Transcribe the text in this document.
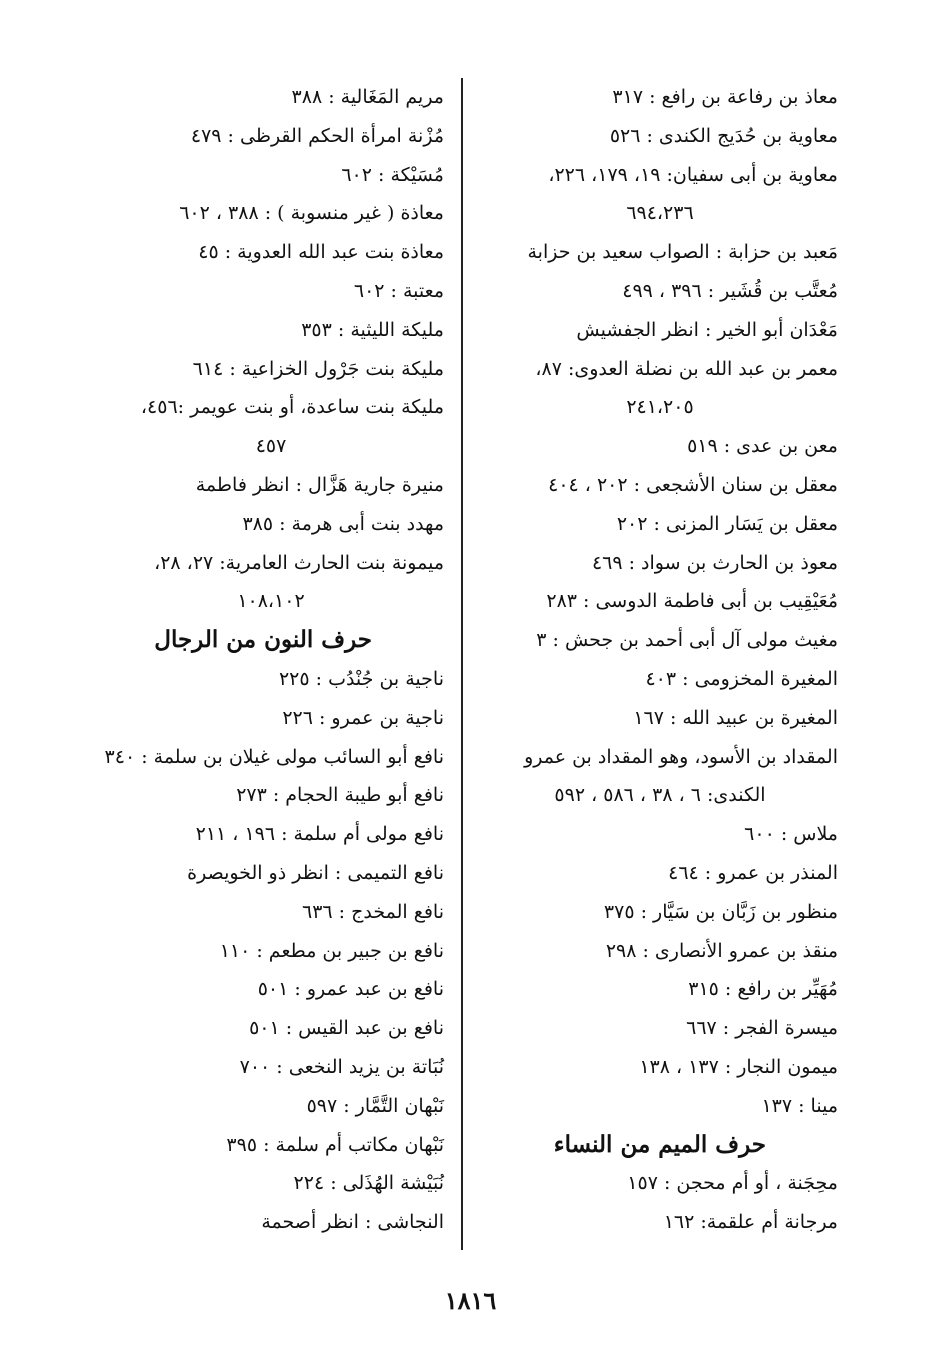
معاذ بن رفاعة بن رافع : ٣١٧
معاوية بن حُدَيج الكندى : ٥٢٦
معاوية بن أبى سفيان: ١٩، ١٧٩، ٢٢٦،
٦٩٤،٢٣٦
مَعبد بن حزابة : الصواب سعيد بن حزابة
مُعتَّب بن قُشَير : ٣٩٦ ، ٤٩٩
مَعْدَان أبو الخير : انظر الجفشيش
معمر بن عبد الله بن نضلة العدوى: ٨٧،
٢٤١،٢٠٥
معن بن عدى : ٥١٩
معقل بن سنان الأشجعى : ٢٠٢ ، ٤٠٤
معقل بن يَسَار المزنى : ٢٠٢
معوذ بن الحارث بن سواد : ٤٦٩
مُعَيْقِيب بن أبى فاطمة الدوسى : ٢٨٣
مغيث مولى آل أبى أحمد بن جحش : ٣
المغيرة المخزومى : ٤٠٣
المغيرة بن عبيد الله : ١٦٧
المقداد بن الأسود، وهو المقداد بن عمرو
الكندى: ٦ ، ٣٨ ، ٥٨٦ ، ٥٩٢
ملاس : ٦٠٠
المنذر بن عمرو : ٤٦٤
منظور بن زَبَّان بن سَيَّار : ٣٧٥
منقذ بن عمرو الأنصارى : ٢٩٨
مُهَيِّر بن رافع : ٣١٥
ميسرة الفجر : ٦٦٧
ميمون النجار : ١٣٧ ، ١٣٨
مينا : ١٣٧
حرف الميم من النساء
محِجَنة ، أو أم محجن : ١٥٧
مرجانة أم علقمة: ١٦٢
مريم المَغَالية : ٣٨٨
مُزْنة امرأة الحكم القرظى : ٤٧٩
مُسَيْكة : ٦٠٢
معاذة ( غير منسوبة ) : ٣٨٨ ، ٦٠٢
معاذة بنت عبد الله العدوية : ٤٥
معتبة : ٦٠٢
مليكة الليثية : ٣٥٣
مليكة بنت جَرْول الخزاعية : ٦١٤
مليكة بنت ساعدة، أو بنت عويمر :٤٥٦،
٤٥٧
منيرة جارية هَزَّال : انظر فاطمة
مهدد بنت أبى هرمة : ٣٨٥
ميمونة بنت الحارث العامرية: ٢٧، ٢٨،
١٠٨،١٠٢
حرف النون من الرجال
ناجية بن جُنْدُب : ٢٢٥
ناجية بن عمرو : ٢٢٦
نافع أبو السائب مولى غيلان بن سلمة : ٣٤٠
نافع أبو طيبة الحجام : ٢٧٣
نافع مولى أم سلمة : ١٩٦ ، ٢١١
نافع التميمى : انظر ذو الخويصرة
نافع المخدج : ٦٣٦
نافع بن جبير بن مطعم : ١١٠
نافع بن عبد عمرو : ٥٠١
نافع بن عبد القيس : ٥٠١
نُبَاتة بن يزيد النخعى : ٧٠٠
نَبْهان التَّمَّار : ٥٩٧
نَبْهان مكاتب أم سلمة : ٣٩٥
نُبَيْشة الهُذَلى : ٢٢٤
النجاشى : انظر أصحمة
١٨١٦
